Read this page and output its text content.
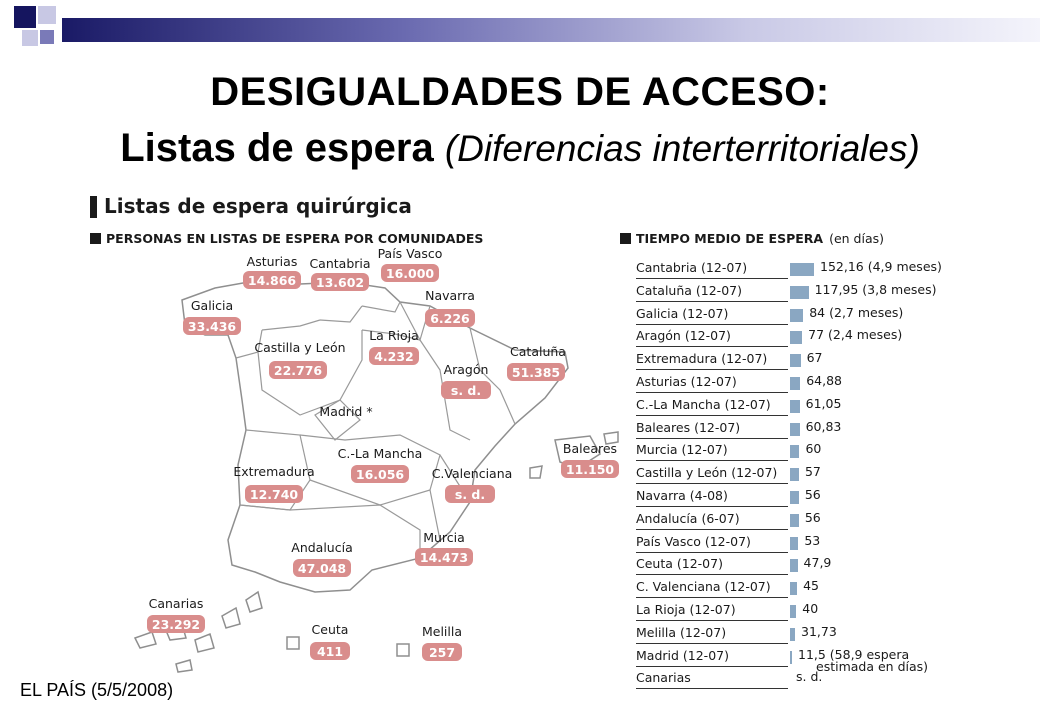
DESIGUALDADES DE ACCESO:
Listas de espera (Diferencias interterritoriales)
Listas de espera quirúrgica
PERSONAS EN LISTAS DE ESPERA POR COMUNIDADES	TIEMPO MEDIO DE ESPERA (en días)
Asturias
14.866
Cantabria
13.602
País Vasco
16.000
Galicia
33.436
Navarra
6.226
La Rioja
4.232
Castilla y León
22.776
Cataluña
51.385
Aragón
s. d.
Madrid *
C.-La Mancha
16.056
Extremadura
12.740
C.Valenciana
s. d.
Baleares
11.150
Andalucía
47.048
Murcia
14.473
Canarias
23.292	Ceuta
411
Melilla
257
Cantabria (12-07)	152,16 (4,9 meses)
Cataluña (12-07)	117,95 (3,8 meses)
Galicia (12-07)	84 (2,7 meses)
Aragón (12-07)	77 (2,4 meses)
Extremadura (12-07)	67
Asturias (12-07)	64,88
C.-La Mancha (12-07)	61,05
Baleares (12-07)	60,83
Murcia (12-07)	60
Castilla y León (12-07)	57
Navarra (4-08)	56
Andalucía (6-07)	56
País Vasco (12-07)	53
Ceuta (12-07)	47,9
C. Valenciana (12-07)	45
La Rioja (12-07)	40
Melilla (12-07)	31,73
Madrid (12-07)	11,5 (58,9 espera
estimada en días)
Canarias	s. d.
EL PAÍS (5/5/2008)
